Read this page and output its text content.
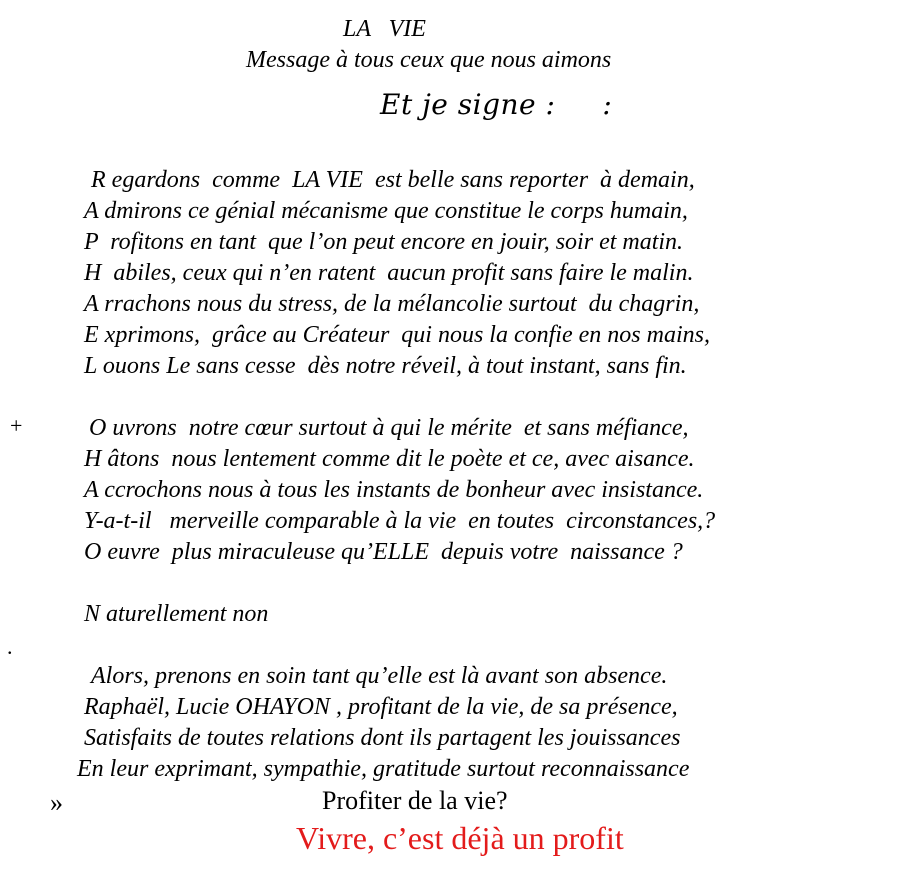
LA   VIE
Message à tous ceux que nous aimons
Et je signe :     :
R egardons  comme  LA VIE  est belle sans reporter  à demain,
A dmirons ce génial mécanisme que constitue le corps humain,
P  rofitons en tant  que l’on peut encore en jouir, soir et matin.
H  abiles, ceux qui n’en ratent  aucun profit sans faire le malin.
A rrachons nous du stress, de la mélancolie surtout  du chagrin,
E xprimons,  grâce au Créateur  qui nous la confie en nos mains,
L ouons Le sans cesse  dès notre réveil, à tout instant, sans fin.
+	O uvrons  notre cœur surtout à qui le mérite  et sans méfiance,
H âtons  nous lentement comme dit le poète et ce, avec aisance.
A ccrochons nous à tous les instants de bonheur avec insistance.
Y-a-t-il   merveille comparable à la vie  en toutes  circonstances,?
O euvre  plus miraculeuse qu’ELLE  depuis votre  naissance ?
N aturellement non
.
Alors, prenons en soin tant qu’elle est là avant son absence.
Raphaël, Lucie OHAYON , profitant de la vie, de sa présence,
Satisfaits de toutes relations dont ils partagent les jouissances
En leur exprimant, sympathie, gratitude surtout reconnaissance
»	Profiter de la vie?
Vivre, c’est déjà un profit
